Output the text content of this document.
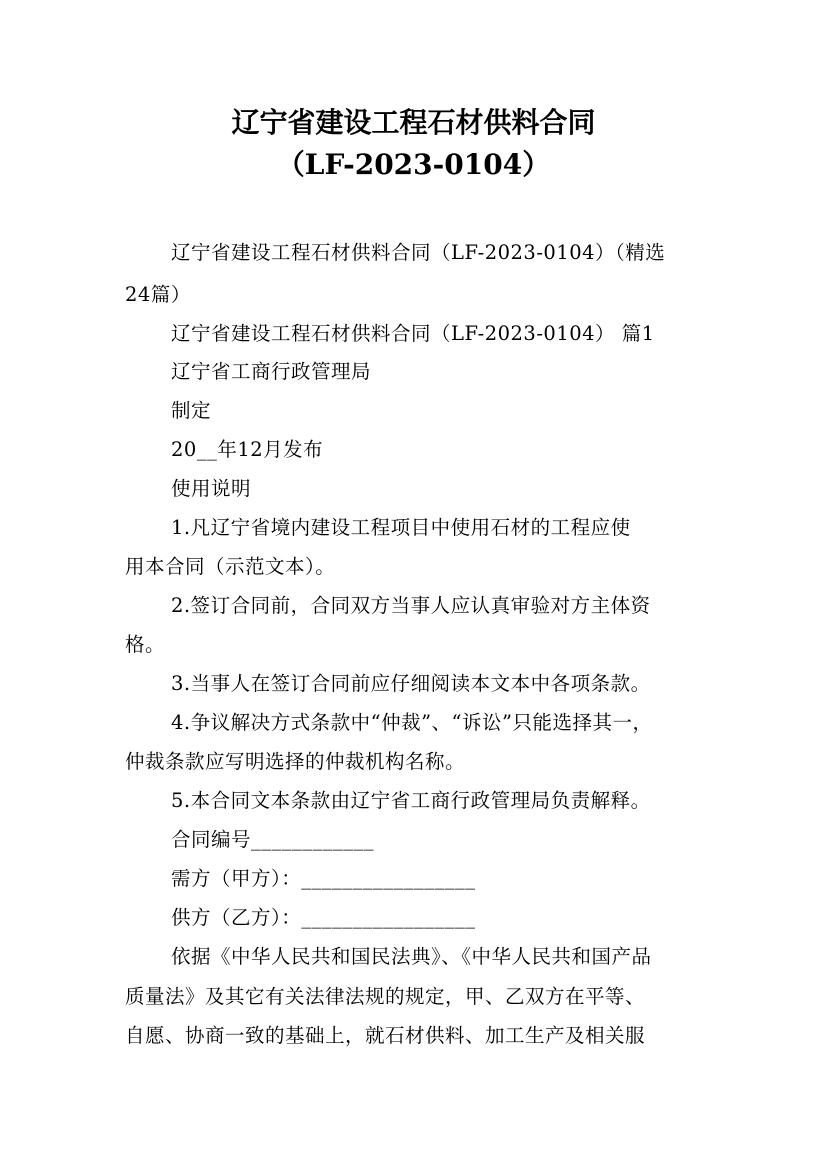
辽宁省建设工程石材供料合同
（LF-2023-0104）
辽宁省建设工程石材供料合同（LF-2023-0104）（精选
24篇）
辽宁省建设工程石材供料合同（LF-2023-0104） 篇1
辽宁省工商行政管理局
制定
20__年12月发布
使用说明
1.凡辽宁省境内建设工程项目中使用石材的工程应使
用本合同（示范文本）。
2.签订合同前，合同双方当事人应认真审验对方主体资
格。
3.当事人在签订合同前应仔细阅读本文本中各项条款。
4.争议解决方式条款中“仲裁”、“诉讼”只能选择其一，
仲裁条款应写明选择的仲裁机构名称。
5.本合同文本条款由辽宁省工商行政管理局负责解释。
合同编号____________
需方（甲方）：_________________
供方（乙方）：_________________
依据《中华人民共和国民法典》、《中华人民共和国产品
质量法》及其它有关法律法规的规定，甲、乙双方在平等、
自愿、协商一致的基础上，就石材供料、加工生产及相关服
